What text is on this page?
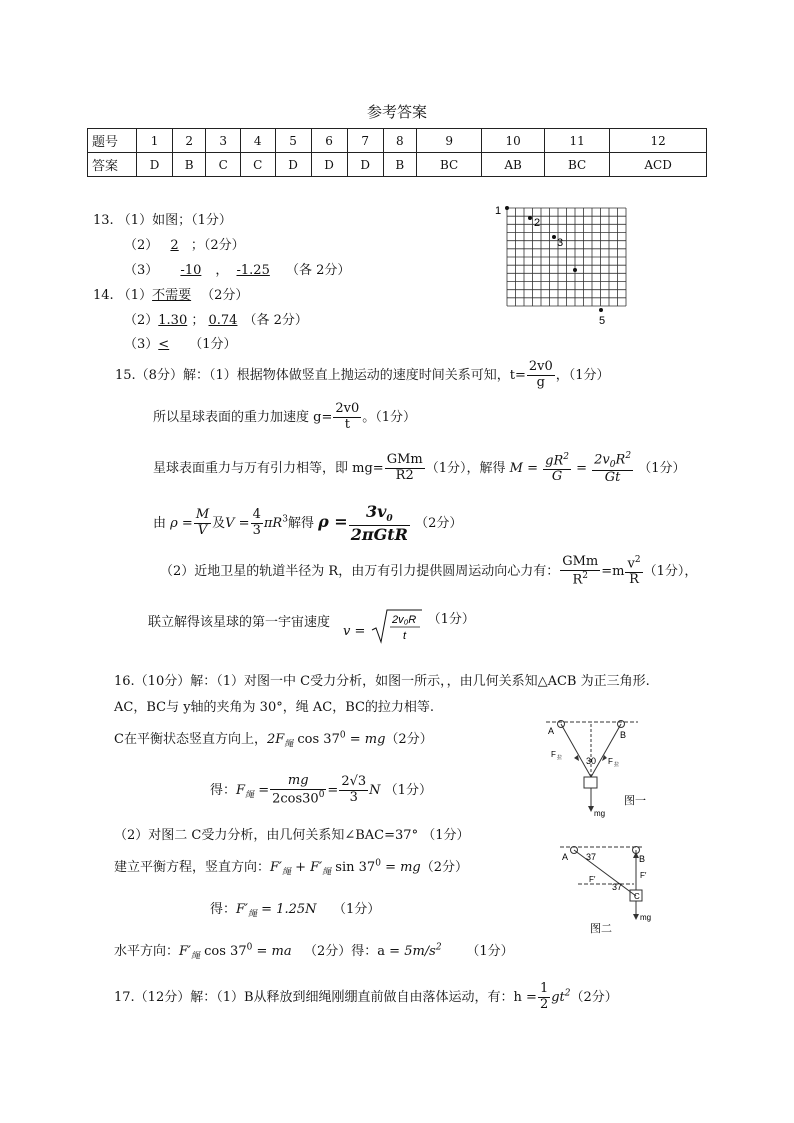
参考答案
题号	1	2	3	4	5	6	7	8	9	10	11	12
答案	D	B	C	C	D	D	D	B	BC	AB	BC	ACD
13. （1）如图；（1分）
（2） 2 ；（2分）
（3） -10 ， -1.25 （各 2分）
14. （1）不需要 （2分）
（2）1.30 ； 0.74 （各 2分）
（3）< （1分）
1
2
3
5
15.（8分）解：（1）根据物体做竖直上抛运动的速度时间关系可知，$t= \frac{2v0}{g}$ ，（1分）
所以星球表面的重力加速度 $g= \frac{2v0}{t}$ 。（1分）
星球表面重力与万有引力相等，即 $mg= \frac{\text{GMm}}{R2} (1$分），解得 $M = \frac{gR^2}{G} = \frac{2v_0R^2}{Gt} (1$分）
由 $\rho = \frac{M}{V}$ 及$V = \frac{4}{3} \pi R^3$解得 $\rho = \frac{3v_0}{\text{2πGtR}} (2$分）
（2）近地卫星的轨道半径为 R，由万有引力提供圆周运动向心力有： $\frac{\text{GMm}}{R^2} =m \frac{v^2}{R} (1$分），
联立解得该星球的第一宇宙速度
v =
2v₀R
t
（1分）
16.（10分）解：（1）对图一中 C受力分析，如图一所示，，由几何关系知△ACB 为正三角形.
AC，BC与 y轴的夹角为 30°，绳 AC，BC的拉力相等.
C在平衡状态竖直方向上，$2F_绳$ $\cos 37^0 = mg(2$分）
得：$F_绳 = \frac{mg}{2\cos 30^0} = \frac{2√3}{3}$ N （1分）
（2）对图二 C受力分析，由几何关系知∠BAC=37° （1分）
建立平衡方程，竖直方向：$F'_绳 + F'_绳$ $\sin 37^0 = mg(2$分）
得：$F'_绳 = 1.25N$ （1分）
水平方向：$F'_绳$ $\cos 37^0$ = ma （2分）得：$a = 5m/s^2$ （1分）
A	B
F 拉	F 拉
30
mg
图一
A	B
37
37
F′
F′
C
mg
图二
17.（12分）解：（1）B从释放到细绳刚绷直前做自由落体运动，有：$h = \frac{1}{2} gt^2(2$分）
